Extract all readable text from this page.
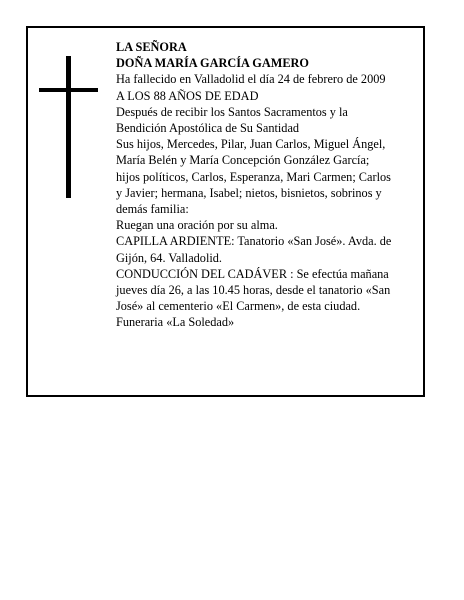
LA SEÑORA
DOÑA MARÍA GARCÍA GAMERO
Ha fallecido en Valladolid el día 24 de febrero de 2009
A LOS 88 AÑOS DE EDAD
Después de recibir los Santos Sacramentos y la
Bendición Apostólica de Su Santidad
Sus hijos, Mercedes, Pilar, Juan Carlos, Miguel Ángel,
María Belén y María Concepción González García;
hijos políticos, Carlos, Esperanza, Mari Carmen; Carlos
y Javier; hermana, Isabel; nietos, bisnietos, sobrinos y
demás familia:
Ruegan una oración por su alma.
CAPILLA ARDIENTE: Tanatorio «San José». Avda. de
Gijón, 64. Valladolid.
CONDUCCIÓN DEL CADÁVER : Se efectúa mañana
jueves día 26, a las 10.45 horas, desde el tanatorio «San
José» al cementerio «El Carmen», de esta ciudad.
Funeraria «La Soledad»
